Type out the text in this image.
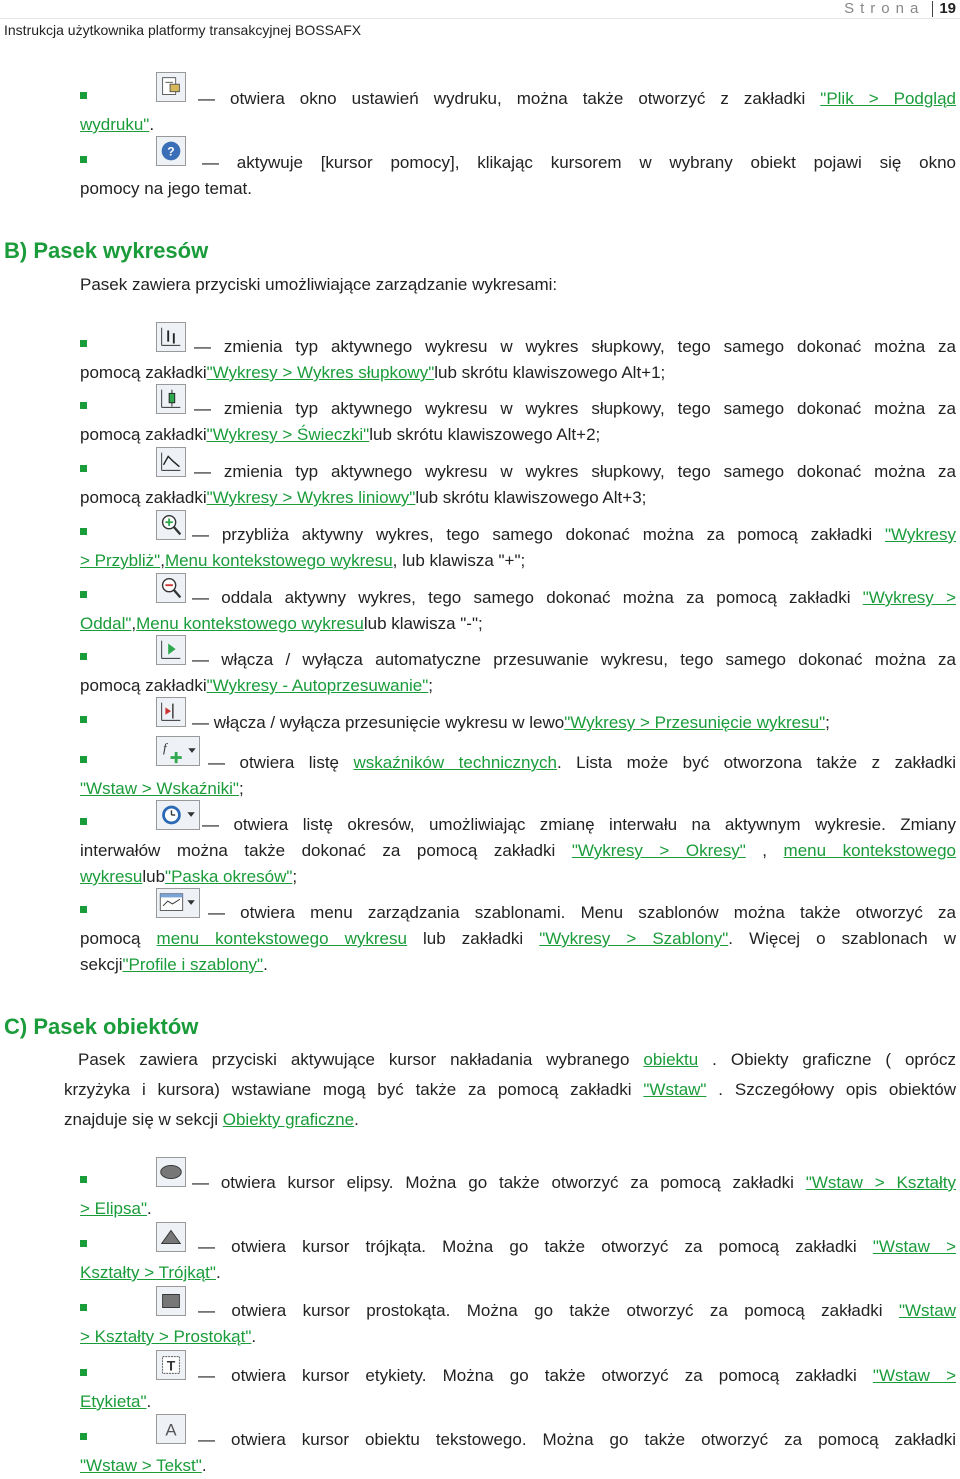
Strona 19
Instrukcja użytkownika platformy transakcyjnej BOSSAFX
— otwiera okno ustawień wydruku, można także otworzyć z zakładki "Plik > Podgląd
wydruku" .
?
— aktywuje [kursor pomocy], klikając kursorem w wybrany obiekt pojawi się okno
pomocy na jego temat.
B) Pasek wykresów
Pasek zawiera przyciski umożliwiające zarządzanie wykresami:
— zmienia typ aktywnego wykresu w wykres słupkowy, tego samego dokonać można za
pomocą zakładki "Wykresy > Wykres słupkowy" lub skrótu klawiszowego Alt+1;
— zmienia typ aktywnego wykresu w wykres słupkowy, tego samego dokonać można za
pomocą zakładki "Wykresy > Świeczki" lub skrótu klawiszowego Alt+2;
— zmienia typ aktywnego wykresu w wykres słupkowy, tego samego dokonać można za
pomocą zakładki "Wykresy > Wykres liniowy" lub skrótu klawiszowego Alt+3;
— przybliża aktywny wykres, tego samego dokonać można za pomocą zakładki "Wykresy
> Przybliż" , Menu kontekstowego wykresu , lub klawisza "+";
— oddala aktywny wykres, tego samego dokonać można za pomocą zakładki "Wykresy >
Oddal" , Menu kontekstowego wykresu lub klawisza "-";
— włącza / wyłącza automatyczne przesuwanie wykresu, tego samego dokonać można za
pomocą zakładki "Wykresy - Autoprzesuwanie" ;
— włącza / wyłącza przesunięcie wykresu w lewo "Wykresy > Przesunięcie wykresu" ;
f
— otwiera listę wskaźników technicznych. Lista może być otworzona także z zakładki
"Wstaw > Wskaźniki" ;
— otwiera listę okresów, umożliwiając zmianę interwału na aktywnym wykresie. Zmiany
interwałów można także dokonać za pomocą zakładki "Wykresy > Okresy" , menu kontekstowego
wykresu lub "Paska okresów" ;
— otwiera menu zarządzania szablonami. Menu szablonów można także otworzyć za
pomocą menu kontekstowego wykresu lub zakładki "Wykresy > Szablony". Więcej o szablonach w
sekcji "Profile i szablony" .
C) Pasek obiektów
Pasek zawiera przyciski aktywujące kursor nakładania wybranego obiektu . Obiekty graficzne ( oprócz
krzyżyka i kursora) wstawiane mogą być także za pomocą zakładki "Wstaw" . Szczegółowy opis obiektów
znajduje się w sekcji Obiekty graficzne.
— otwiera kursor elipsy. Można go także otworzyć za pomocą zakładki "Wstaw > Kształty
> Elipsa" .
— otwiera kursor trójkąta. Można go także otworzyć za pomocą zakładki "Wstaw >
Kształty > Trójkąt" .
— otwiera kursor prostokąta. Można go także otworzyć za pomocą zakładki "Wstaw
> Kształty > Prostokąt" .
T
— otwiera kursor etykiety. Można go także otworzyć za pomocą zakładki "Wstaw >
Etykieta" .
A — otwiera kursor obiektu tekstowego. Można go także otworzyć za pomocą zakładki
"Wstaw > Tekst" .
